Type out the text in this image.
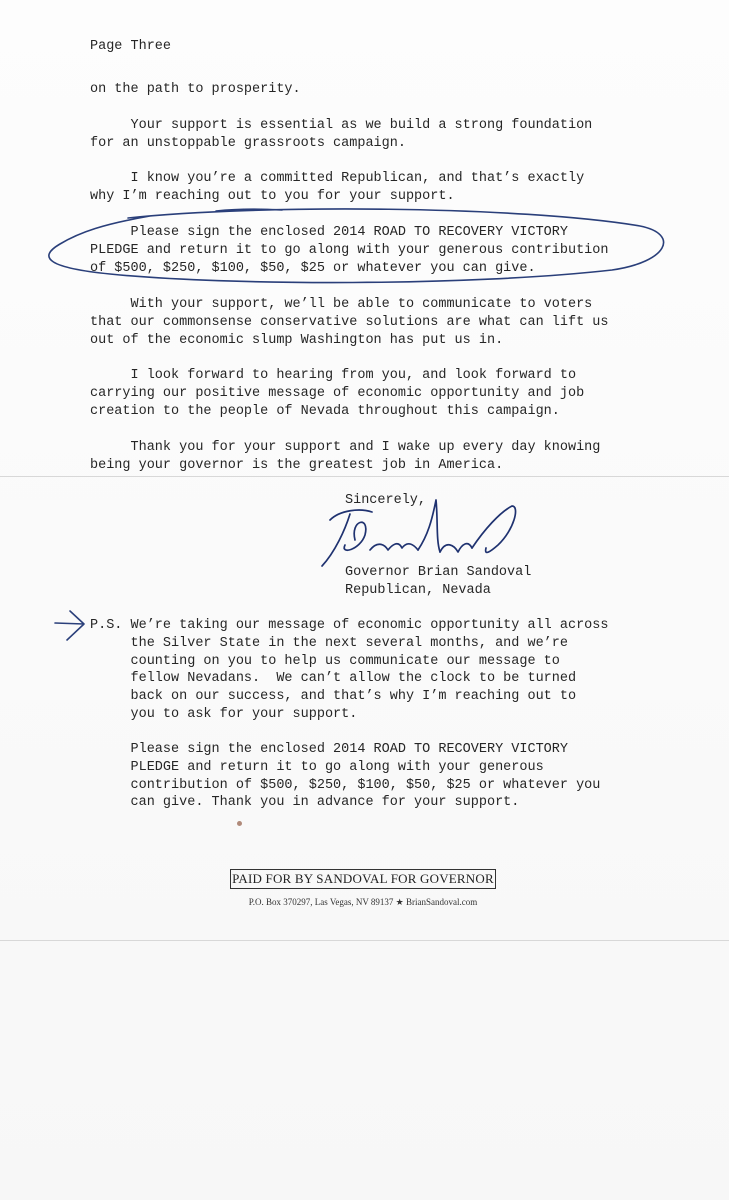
Page Three
on the path to prosperity.
Your support is essential as we build a strong foundation
for an unstoppable grassroots campaign.
I know you’re a committed Republican, and that’s exactly
why I’m reaching out to you for your support.
Please sign the enclosed 2014 ROAD TO RECOVERY VICTORY
PLEDGE and return it to go along with your generous contribution
of $500, $250, $100, $50, $25 or whatever you can give.
With your support, we’ll be able to communicate to voters
that our commonsense conservative solutions are what can lift us
out of the economic slump Washington has put us in.
I look forward to hearing from you, and look forward to
carrying our positive message of economic opportunity and job
creation to the people of Nevada throughout this campaign.
Thank you for your support and I wake up every day knowing
being your governor is the greatest job in America.
Sincerely,
Governor Brian Sandoval
Republican, Nevada
P.S. We’re taking our message of economic opportunity all across
the Silver State in the next several months, and we’re
counting on you to help us communicate our message to
fellow Nevadans.  We can’t allow the clock to be turned
back on our success, and that’s why I’m reaching out to
you to ask for your support.
Please sign the enclosed 2014 ROAD TO RECOVERY VICTORY
PLEDGE and return it to go along with your generous
contribution of $500, $250, $100, $50, $25 or whatever you
can give. Thank you in advance for your support.
PAID FOR BY SANDOVAL FOR GOVERNOR
P.O. Box 370297, Las Vegas, NV 89137 ★ BrianSandoval.com
